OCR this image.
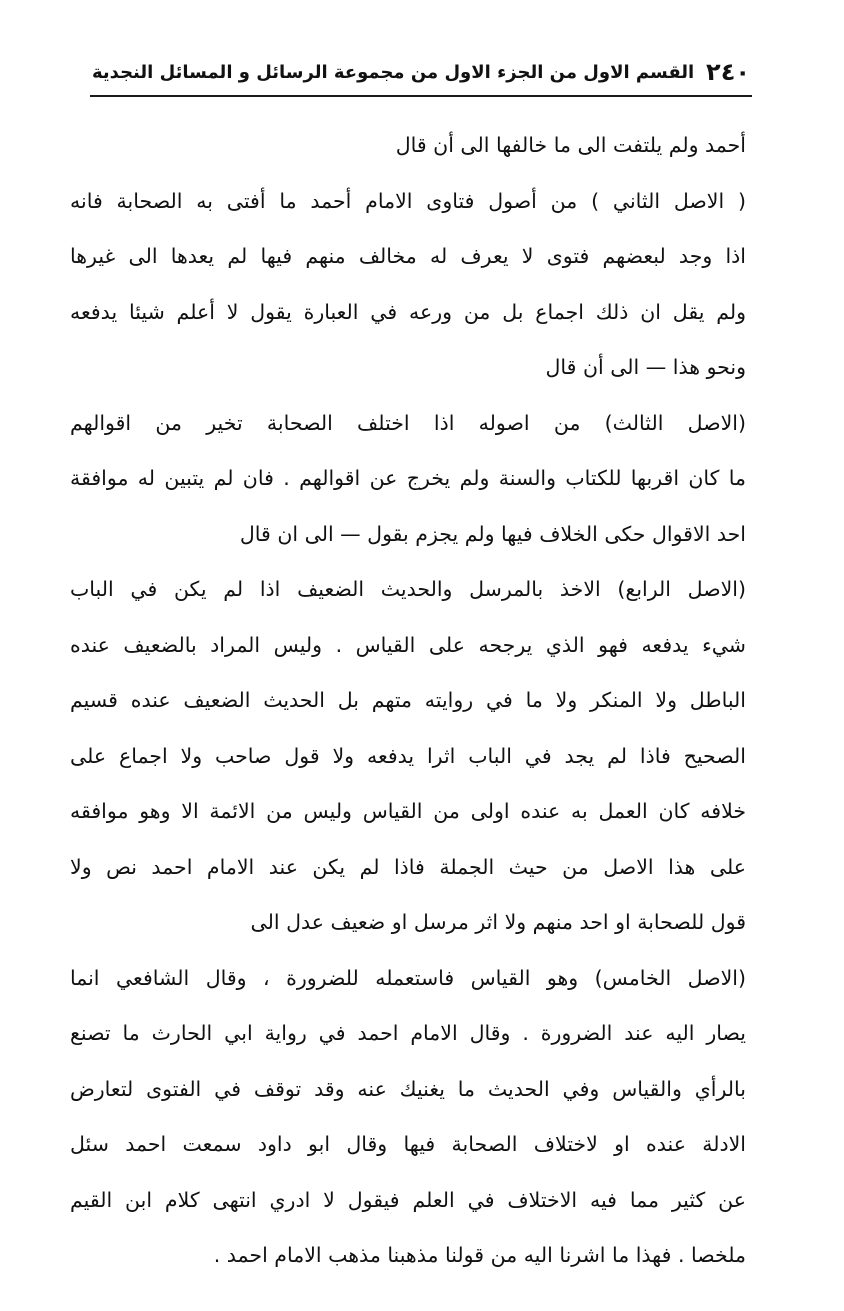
٢٤٠
القسم الاول من الجزء الاول من مجموعة الرسائل و المسائل النجدية
أحمد ولم يلتفت الى ما خالفها الى أن قال
( الاصل الثاني ) من أصول فتاوى الامام أحمد ما أفتى به الصحابة فانه
اذا وجد لبعضهم فتوى لا يعرف له مخالف منهم فيها لم يعدها الى غيرها
ولم يقل ان ذلك اجماع بل من ورعه في العبارة يقول لا أعلم شيئا يدفعه
ونحو هذا — الى أن قال
(الاصل الثالث) من اصوله اذا اختلف الصحابة تخير من اقوالهم
ما كان اقربها للكتاب والسنة ولم يخرج عن اقوالهم . فان لم يتبين له موافقة
احد الاقوال حكى الخلاف فيها ولم يجزم بقول — الى ان قال
(الاصل الرابع) الاخذ بالمرسل والحديث الضعيف اذا لم يكن في الباب
شيء يدفعه فهو الذي يرجحه على القياس . وليس المراد بالضعيف عنده
الباطل ولا المنكر ولا ما في روايته متهم بل الحديث الضعيف عنده قسيم
الصحيح فاذا لم يجد في الباب اثرا يدفعه ولا قول صاحب ولا اجماع على
خلافه كان العمل به عنده اولى من القياس وليس من الائمة الا وهو موافقه
على هذا الاصل من حيث الجملة فاذا لم يكن عند الامام احمد نص ولا
قول للصحابة او احد منهم ولا اثر مرسل او ضعيف عدل الى
(الاصل الخامس) وهو القياس فاستعمله للضرورة ، وقال الشافعي انما
يصار اليه عند الضرورة . وقال الامام احمد في رواية ابي الحارث ما تصنع
بالرأي والقياس وفي الحديث ما يغنيك عنه وقد توقف في الفتوى لتعارض
الادلة عنده او لاختلاف الصحابة فيها وقال ابو داود سمعت احمد سئل
عن كثير مما فيه الاختلاف في العلم فيقول لا ادري انتهى كلام ابن القيم
ملخصا . فهذا ما اشرنا اليه من قولنا مذهبنا مذهب الامام احمد .
